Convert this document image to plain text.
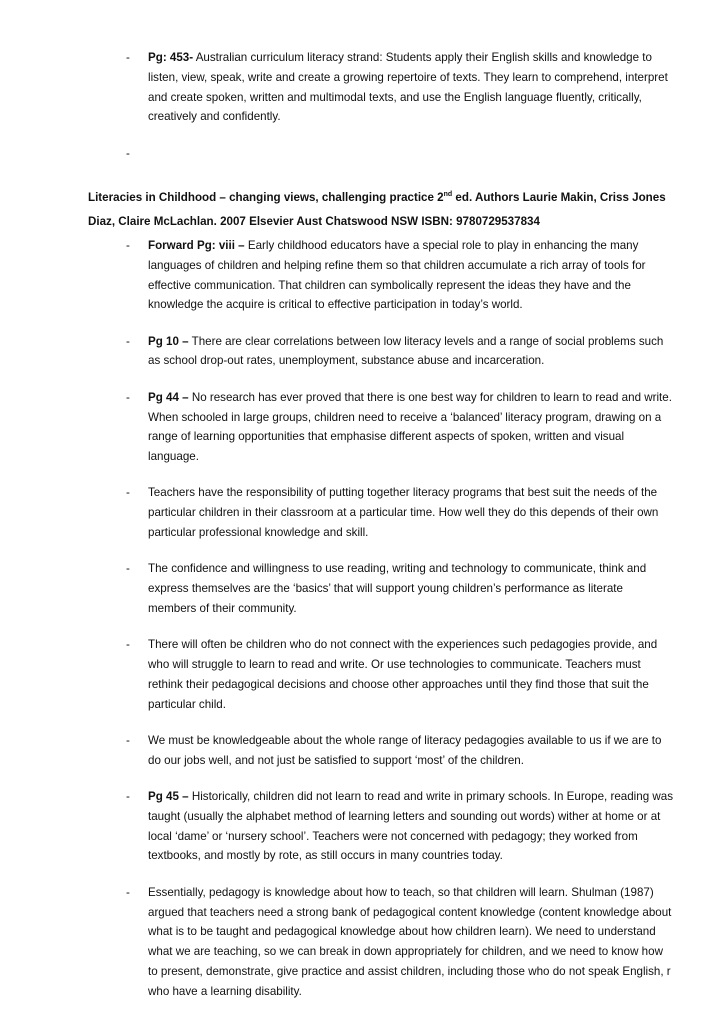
-	Pg: 453- Australian curriculum literacy strand: Students apply their English skills and knowledge to listen, view, speak, write and create a growing repertoire of texts. They learn to comprehend, interpret and create spoken, written and multimodal texts, and use the English language fluently, critically, creatively and confidently.
-
Literacies in Childhood – changing views, challenging practice 2nd ed. Authors Laurie Makin, Criss Jones Diaz, Claire McLachlan. 2007 Elsevier Aust Chatswood NSW ISBN: 9780729537834
-	Forward Pg: viii – Early childhood educators have a special role to play in enhancing the many languages of children and helping refine them so that children accumulate a rich array of tools for effective communication. That children can symbolically represent the ideas they have and the knowledge the acquire is critical to effective participation in today’s world.
-	Pg 10 – There are clear correlations between low literacy levels and a range of social problems such as school drop-out rates, unemployment, substance abuse and incarceration.
-	Pg 44 – No research has ever proved that there is one best way for children to learn to read and write. When schooled in large groups, children need to receive a ‘balanced’ literacy program, drawing on a range of learning opportunities that emphasise different aspects of spoken, written and visual language.
-	Teachers have the responsibility of putting together literacy programs that best suit the needs of the particular children in their classroom at a particular time. How well they do this depends of their own particular professional knowledge and skill.
-	The confidence and willingness to use reading, writing and technology to communicate, think and express themselves are the ‘basics’ that will support young children’s performance as literate members of their community.
-	There will often be children who do not connect with the experiences such pedagogies provide, and who will struggle to learn to read and write. Or use technologies to communicate. Teachers must rethink their pedagogical decisions and choose other approaches until they find those that suit the particular child.
-	We must be knowledgeable about the whole range of literacy pedagogies available to us if we are to do our jobs well, and not just be satisfied to support ‘most’ of the children.
-	Pg 45 – Historically, children did not learn to read and write in primary schools. In Europe, reading was taught (usually the alphabet method of learning letters and sounding out words) wither at home or at local ‘dame’ or ‘nursery school’. Teachers were not concerned with pedagogy; they worked from textbooks, and mostly by rote, as still occurs in many countries today.
-	Essentially, pedagogy is knowledge about how to teach, so that children will learn. Shulman (1987) argued that teachers need a strong bank of pedagogical content knowledge (content knowledge about what is to be taught and pedagogical knowledge about how children learn). We need to understand what we are teaching, so we can break in down appropriately for children, and we need to know how to present, demonstrate, give practice and assist children, including those who do not speak English, r who have a learning disability.
